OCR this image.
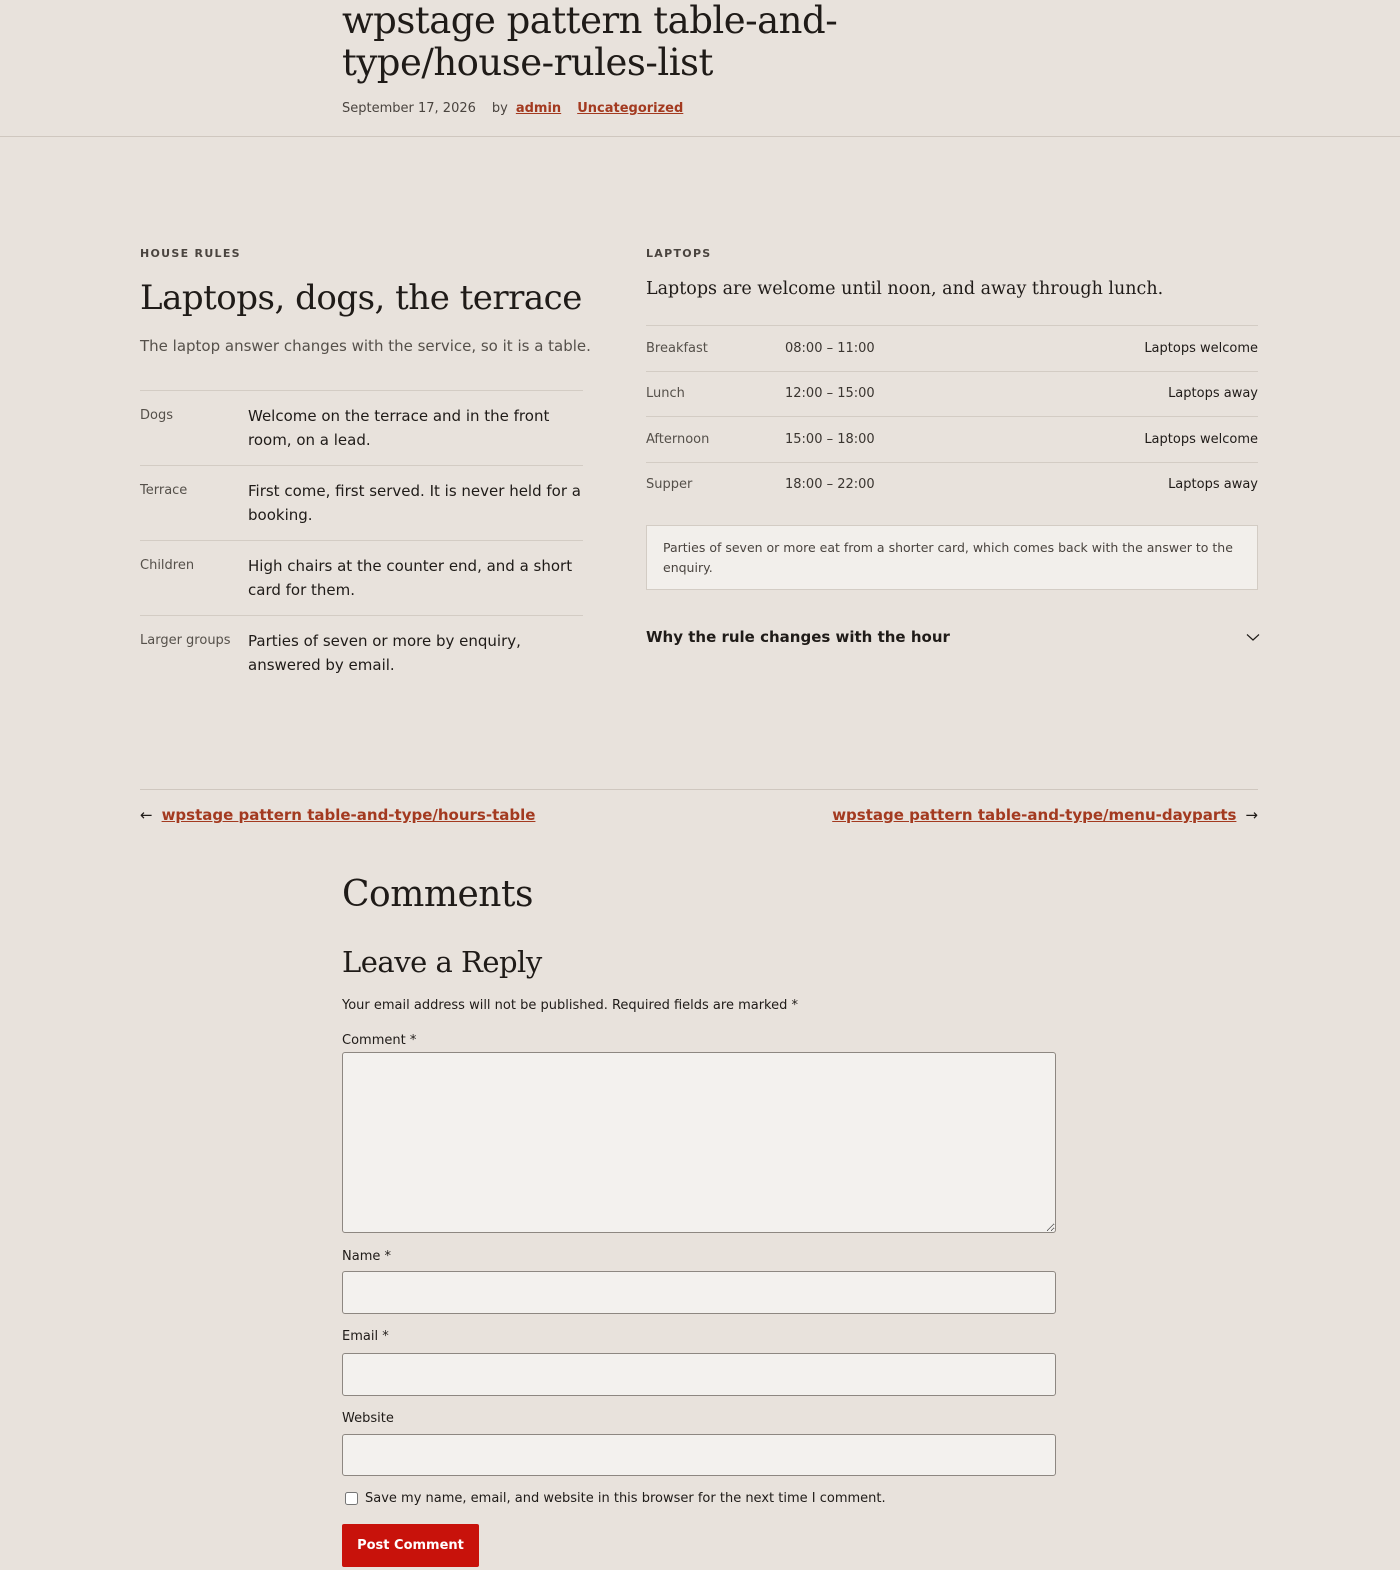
wpstage pattern table-and-type/house-rules-list
September 17, 2026 by admin Uncategorized
HOUSE RULES
Laptops, dogs, the terrace

The laptop answer changes with the service, so it is a table.

Dogs	Welcome on the terrace and in the front room, on a lead.
Terrace	First come, first served. It is never held for a booking.
Children	High chairs at the counter end, and a short card for them.
Larger groups	Parties of seven or more by enquiry, answered by email.
LAPTOPS

Laptops are welcome until noon, and away through lunch.

Breakfast	08:00 – 11:00	Laptops welcome
Lunch	12:00 – 15:00	Laptops away
Afternoon	15:00 – 18:00	Laptops welcome
Supper	18:00 – 22:00	Laptops away
Parties of seven or more eat from a shorter card, which comes back with the answer to the enquiry.
Why the rule changes with the hour
← wpstage pattern table-and-type/hours-table	wpstage pattern table-and-type/menu-dayparts →
Comments
Leave a Reply

Your email address will not be published. Required fields are marked *

Comment *
Name *
Email *
Website
Save my name, email, and website in this browser for the next time I comment.
Post Comment
